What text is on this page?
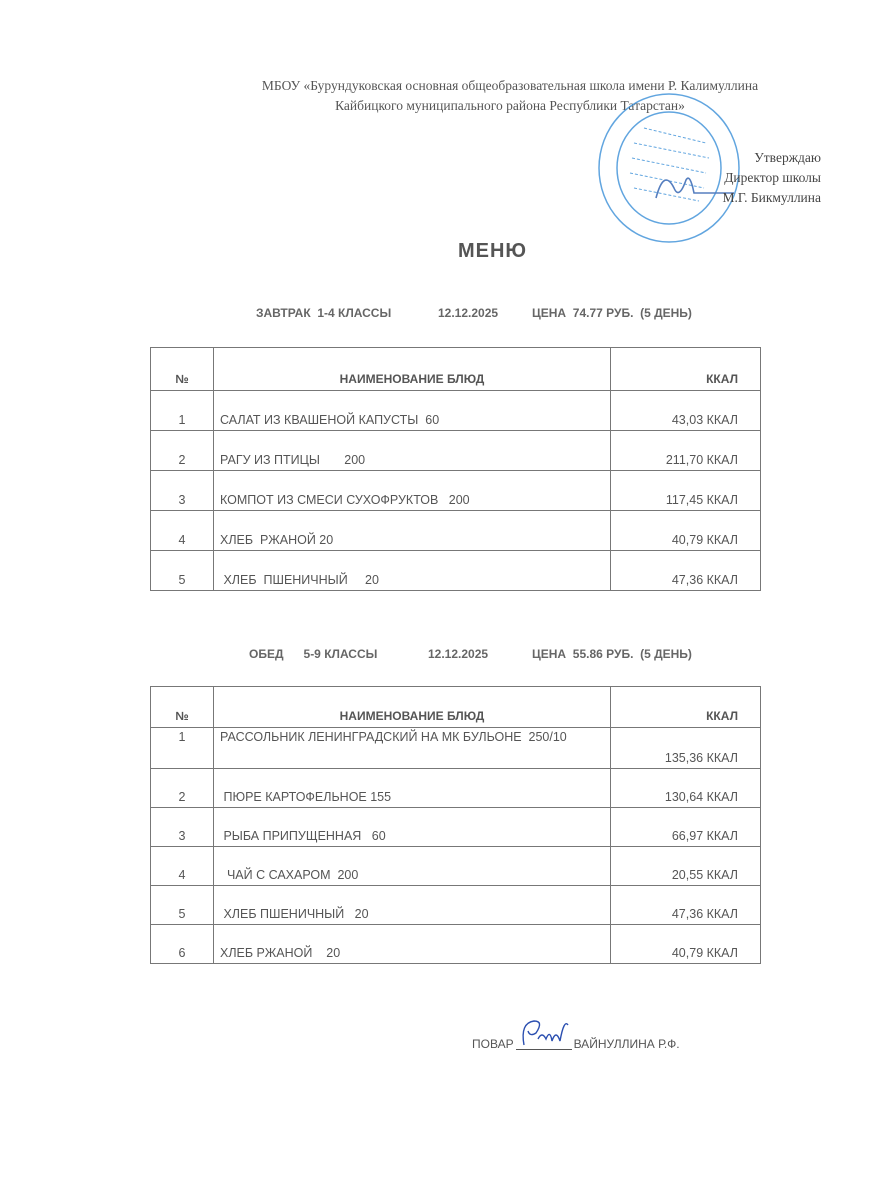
МБОУ «Бурундуковская основная общеобразовательная школа имени Р. Калимуллина
Кайбицкого муниципального района Республики Татарстан»
Утверждаю
Директор школы
М.Г. Бикмуллина
МЕНЮ
ЗАВТРАК  1-4 КЛАССЫ	12.12.2025	ЦЕНА  74.77 РУБ.  (5 ДЕНЬ)
№	НАИМЕНОВАНИЕ БЛЮД	ККАЛ
1	САЛАТ ИЗ КВАШЕНОЙ КАПУСТЫ  60	43,03 ККАЛ
2	РАГУ ИЗ ПТИЦЫ       200	211,70 ККАЛ
3	КОМПОТ ИЗ СМЕСИ СУХОФРУКТОВ   200	117,45 ККАЛ
4	ХЛЕБ  РЖАНОЙ 20	40,79 ККАЛ
5	ХЛЕБ  ПШЕНИЧНЫЙ     20	47,36 ККАЛ
ОБЕД      5-9 КЛАССЫ	12.12.2025	ЦЕНА  55.86 РУБ.  (5 ДЕНЬ)
№	НАИМЕНОВАНИЕ БЛЮД	ККАЛ
1	РАССОЛЬНИК ЛЕНИНГРАДСКИЙ НА МК БУЛЬОНЕ  250/10	135,36 ККАЛ
2	ПЮРЕ КАРТОФЕЛЬНОЕ 155	130,64 ККАЛ
3	РЫБА ПРИПУЩЕННАЯ   60	66,97 ККАЛ
4	ЧАЙ С САХАРОМ  200	20,55 ККАЛ
5	ХЛЕБ ПШЕНИЧНЫЙ   20	47,36 ККАЛ
6	ХЛЕБ РЖАНОЙ    20	40,79 ККАЛ
ПОВАР	ВАЙНУЛЛИНА Р.Ф.
